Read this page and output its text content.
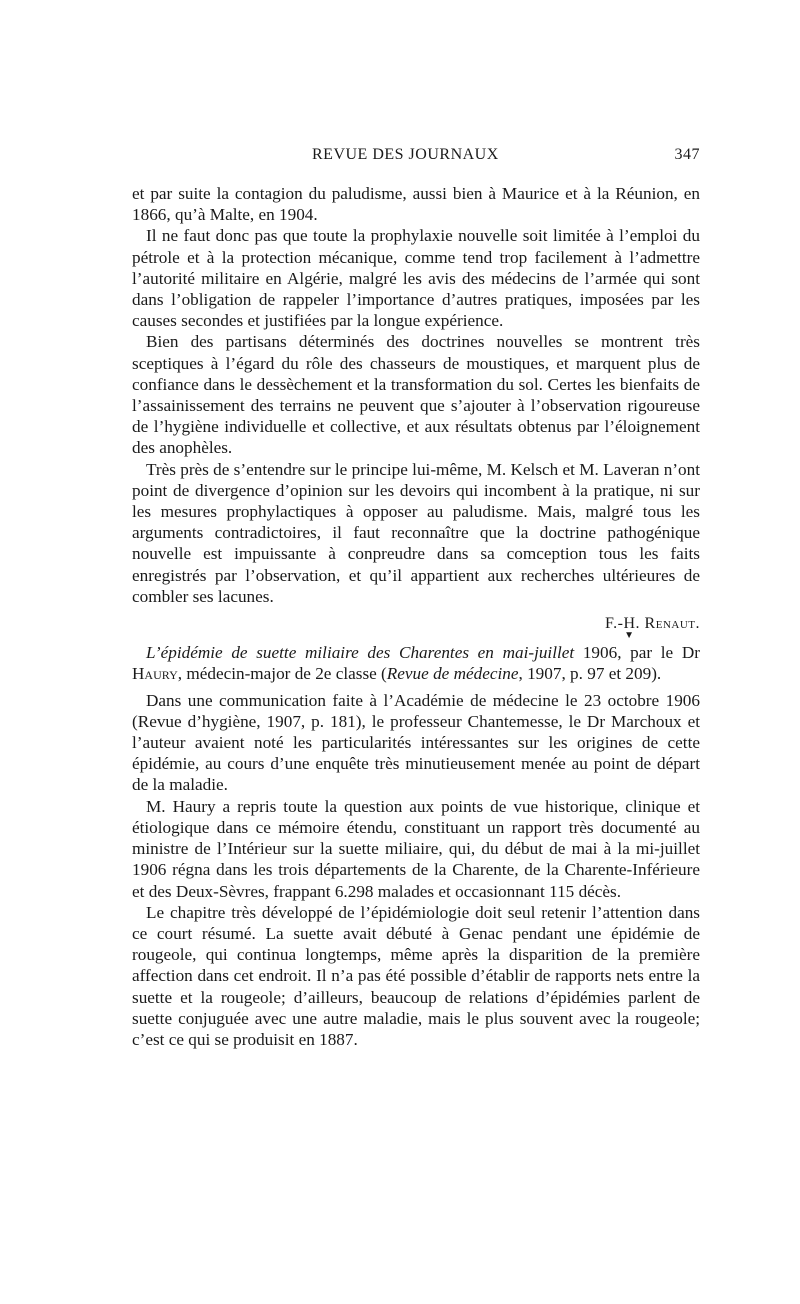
REVUE DES JOURNAUX	347

et par suite la contagion du paludisme, aussi bien à Maurice et à la Réunion, en 1866, qu’à Malte, en 1904.

Il ne faut donc pas que toute la prophylaxie nouvelle soit limitée à l’emploi du pétrole et à la protection mécanique, comme tend trop facilement à l’admettre l’autorité militaire en Algérie, malgré les avis des médecins de l’armée qui sont dans l’obligation de rappeler l’importance d’autres pratiques, imposées par les causes secondes et justifiées par la longue expérience.

Bien des partisans déterminés des doctrines nouvelles se montrent très sceptiques à l’égard du rôle des chasseurs de moustiques, et marquent plus de confiance dans le dessèchement et la transformation du sol. Certes les bienfaits de l’assainissement des terrains ne peuvent que s’ajouter à l’observation rigoureuse de l’hygiène individuelle et collective, et aux résultats obtenus par l’éloignement des anophèles.

Très près de s’entendre sur le principe lui-même, M. Kelsch et M. Laveran n’ont point de divergence d’opinion sur les devoirs qui incombent à la pratique, ni sur les mesures prophylactiques à opposer au paludisme. Mais, malgré tous les arguments contradictoires, il faut reconnaître que la doctrine pathogénique nouvelle est impuissante à conpreudre dans sa comception tous les faits enregistrés par l’observation, et qu’il appartient aux recherches ultérieures de combler ses lacunes.

F.-H. Renaut.
▼

L’épidémie de suette miliaire des Charentes en mai-juillet 1906, par le Dr Haury, médecin-major de 2e classe (Revue de médecine, 1907, p. 97 et 209).

Dans une communication faite à l’Académie de médecine le 23 octobre 1906 (Revue d’hygiène, 1907, p. 181), le professeur Chantemesse, le Dr Marchoux et l’auteur avaient noté les particularités intéressantes sur les origines de cette épidémie, au cours d’une enquête très minutieusement menée au point de départ de la maladie.

M. Haury a repris toute la question aux points de vue historique, clinique et étiologique dans ce mémoire étendu, constituant un rapport très documenté au ministre de l’Intérieur sur la suette miliaire, qui, du début de mai à la mi-juillet 1906 régna dans les trois départements de la Charente, de la Charente-Inférieure et des Deux-Sèvres, frappant 6.298 malades et occasionnant 115 décès.

Le chapitre très développé de l’épidémiologie doit seul retenir l’attention dans ce court résumé. La suette avait débuté à Genac pendant une épidémie de rougeole, qui continua longtemps, même après la disparition de la première affection dans cet endroit. Il n’a pas été possible d’établir de rapports nets entre la suette et la rougeole; d’ailleurs, beaucoup de relations d’épidémies parlent de suette conjuguée avec une autre maladie, mais le plus souvent avec la rougeole; c’est ce qui se produisit en 1887.
